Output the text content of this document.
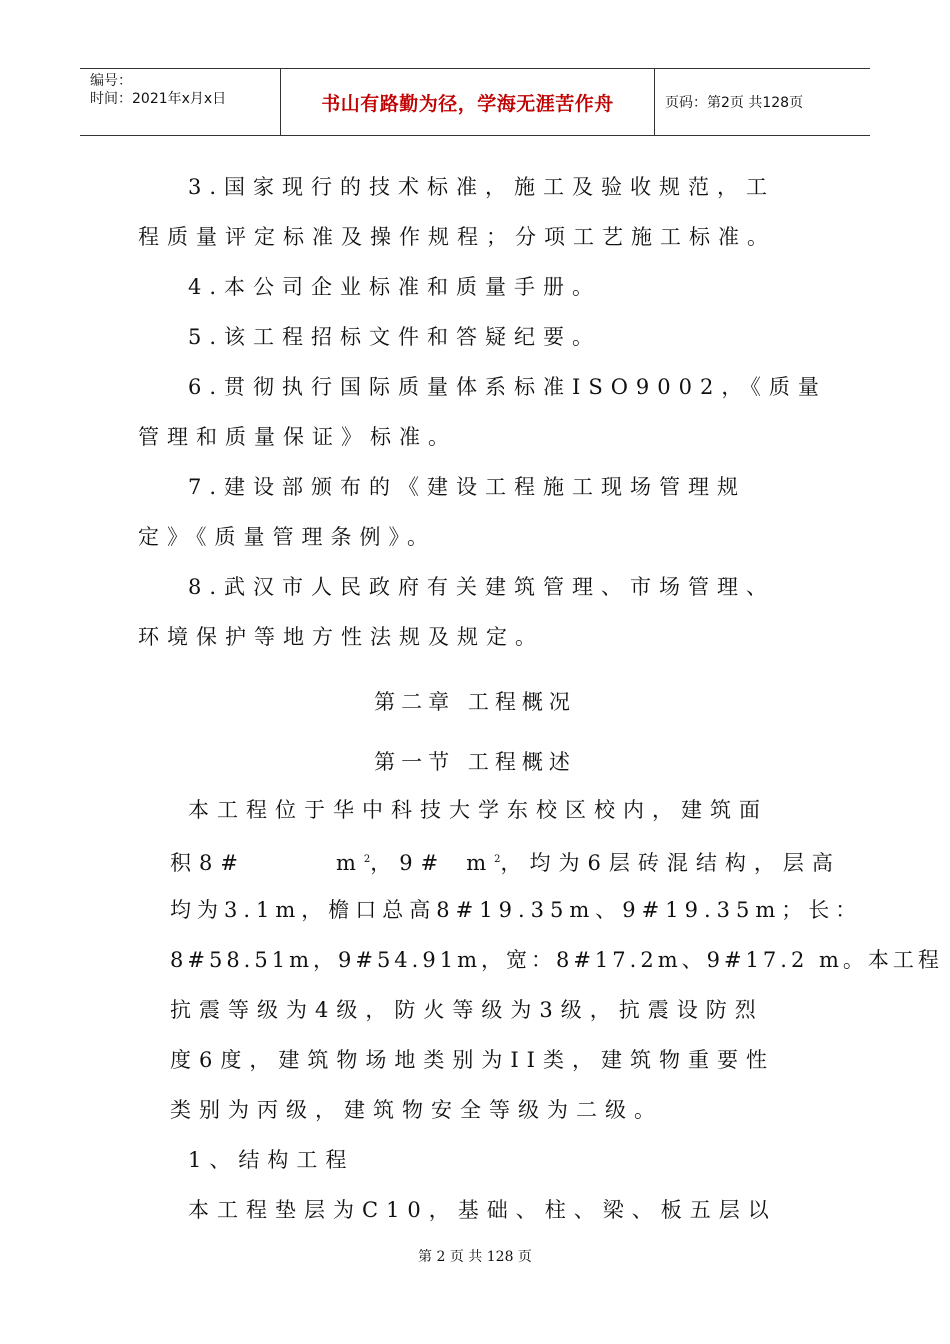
编号：
时间：2021年x月x日	书山有路勤为径，学海无涯苦作舟	页码：第2页 共128页
3.国家现行的技术标准，施工及验收规范，工
程质量评定标准及操作规程；分项工艺施工标准。
4.本公司企业标准和质量手册。
5.该工程招标文件和答疑纪要。
6.贯彻执行国际质量体系标准ISO9002，《质量
管理和质量保证》标准。
7.建设部颁布的《建设工程施工现场管理规
定》《质量管理条例》。
8.武汉市人民政府有关建筑管理、市场管理、
环境保护等地方性法规及规定。
第二章 工程概况
第一节 工程概述
本工程位于华中科技大学东校区校内，建筑面
积8#	$m^2$，9# $m^2$，均为6层砖混结构，层高
均为3.1m，檐口总高8#19.35m、9#19.35m；长：
8#58.51m，9#54.91m，宽：8#17.2m、9#17.2 m。本工程
抗震等级为4级，防火等级为3级，抗震设防烈
度6度，建筑物场地类别为II类，建筑物重要性
类别为丙级，建筑物安全等级为二级。
1、结构工程
本工程垫层为C10，基础、柱、梁、板五层以
第 2 页 共 128 页
